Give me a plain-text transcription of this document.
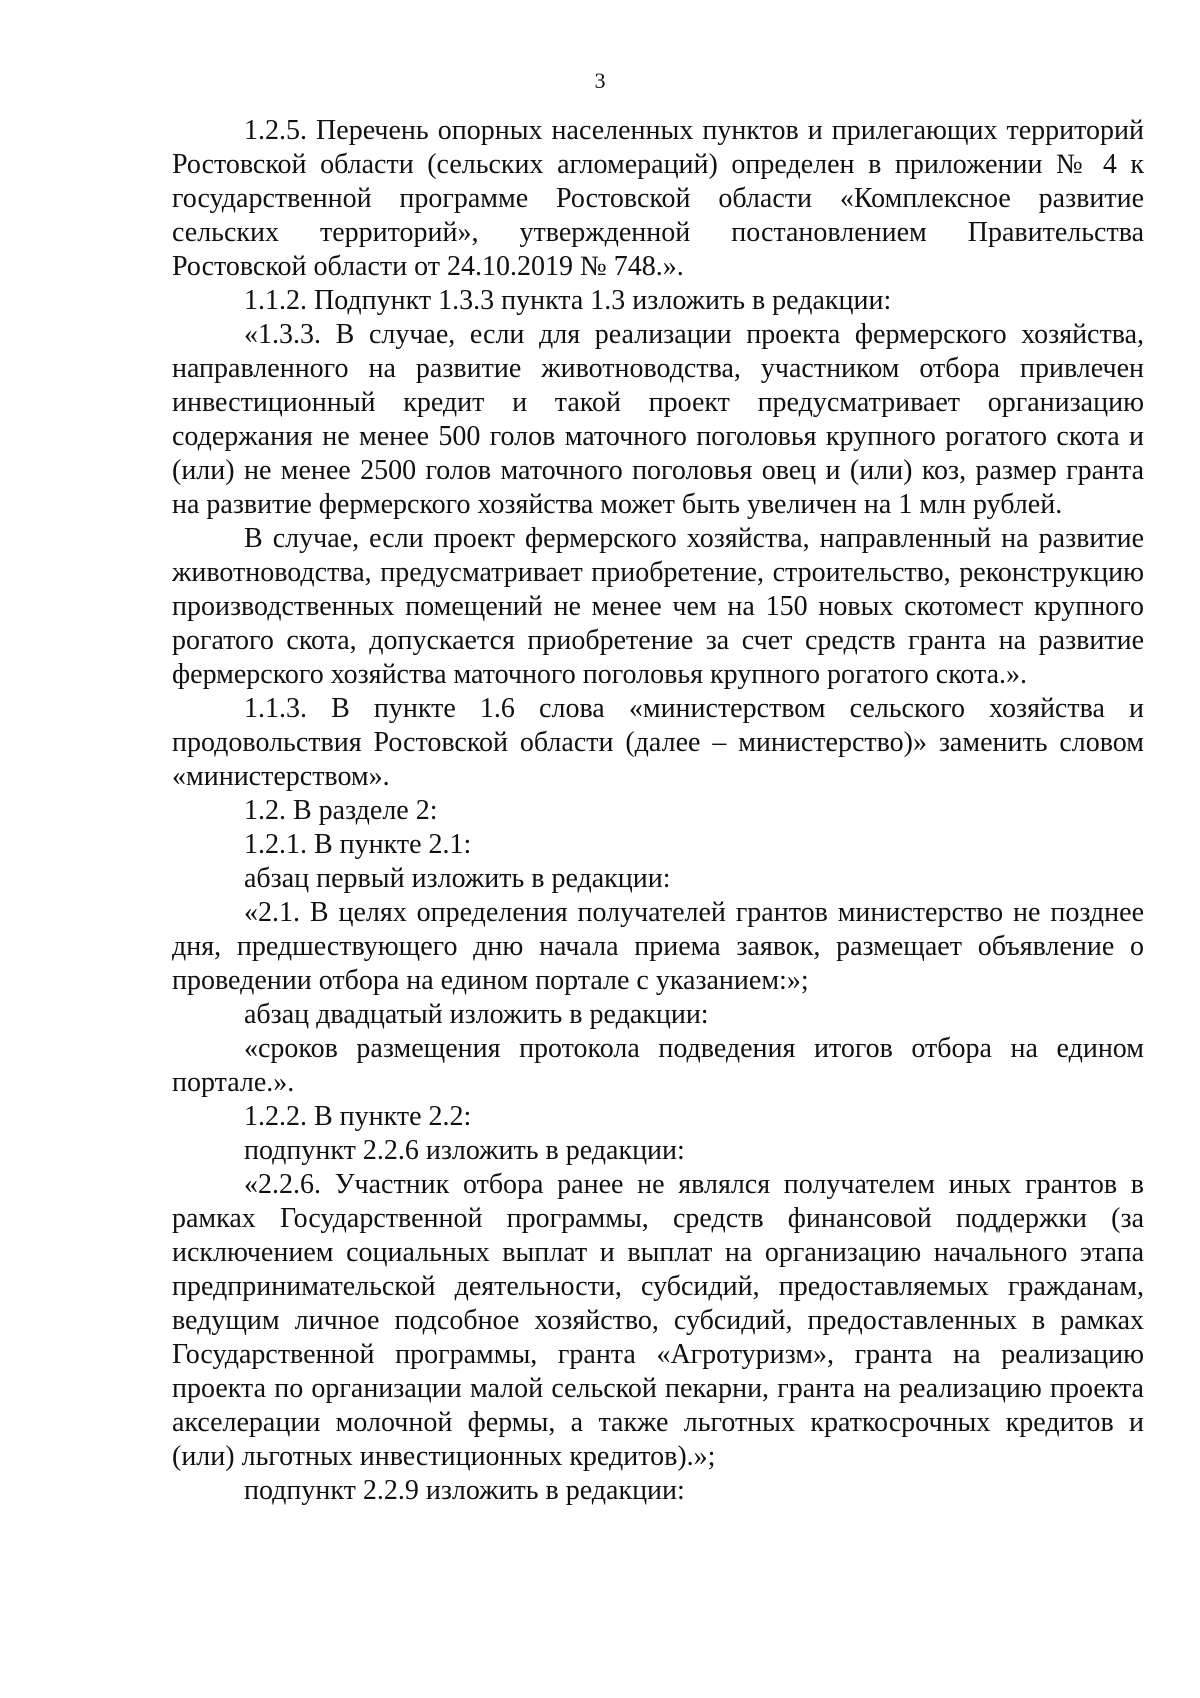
3

1.2.5. Перечень опорных населенных пунктов и прилегающих территорий Ростовской области (сельских агломераций) определен в приложении № 4 к государственной программе Ростовской области «Комплексное развитие сельских территорий», утвержденной постановлением Правительства Ростовской области от 24.10.2019 № 748.».

1.1.2. Подпункт 1.3.3 пункта 1.3 изложить в редакции:

«1.3.3. В случае, если для реализации проекта фермерского хозяйства, направленного на развитие животноводства, участником отбора привлечен инвестиционный кредит и такой проект предусматривает организацию содержания не менее 500 голов маточного поголовья крупного рогатого скота и (или) не менее 2500 голов маточного поголовья овец и (или) коз, размер гранта на развитие фермерского хозяйства может быть увеличен на 1 млн рублей.

В случае, если проект фермерского хозяйства, направленный на развитие животноводства, предусматривает приобретение, строительство, реконструкцию производственных помещений не менее чем на 150 новых скотомест крупного рогатого скота, допускается приобретение за счет средств гранта на развитие фермерского хозяйства маточного поголовья крупного рогатого скота.».

1.1.3. В пункте 1.6 слова «министерством сельского хозяйства и продовольствия Ростовской области (далее – министерство)» заменить словом «министерством».

1.2. В разделе 2:

1.2.1. В пункте 2.1:

абзац первый изложить в редакции:

«2.1. В целях определения получателей грантов министерство не позднее дня, предшествующего дню начала приема заявок, размещает объявление о проведении отбора на едином портале с указанием:»;

абзац двадцатый изложить в редакции:

«сроков размещения протокола подведения итогов отбора на едином портале.».

1.2.2. В пункте 2.2:

подпункт 2.2.6 изложить в редакции:

«2.2.6. Участник отбора ранее не являлся получателем иных грантов в рамках Государственной программы, средств финансовой поддержки (за исключением социальных выплат и выплат на организацию начального этапа предпринимательской деятельности, субсидий, предоставляемых гражданам, ведущим личное подсобное хозяйство, субсидий, предоставленных в рамках Государственной программы, гранта «Агротуризм», гранта на реализацию проекта по организации малой сельской пекарни, гранта на реализацию проекта акселерации молочной фермы, а также льготных краткосрочных кредитов и (или) льготных инвестиционных кредитов).»;

подпункт 2.2.9 изложить в редакции:
